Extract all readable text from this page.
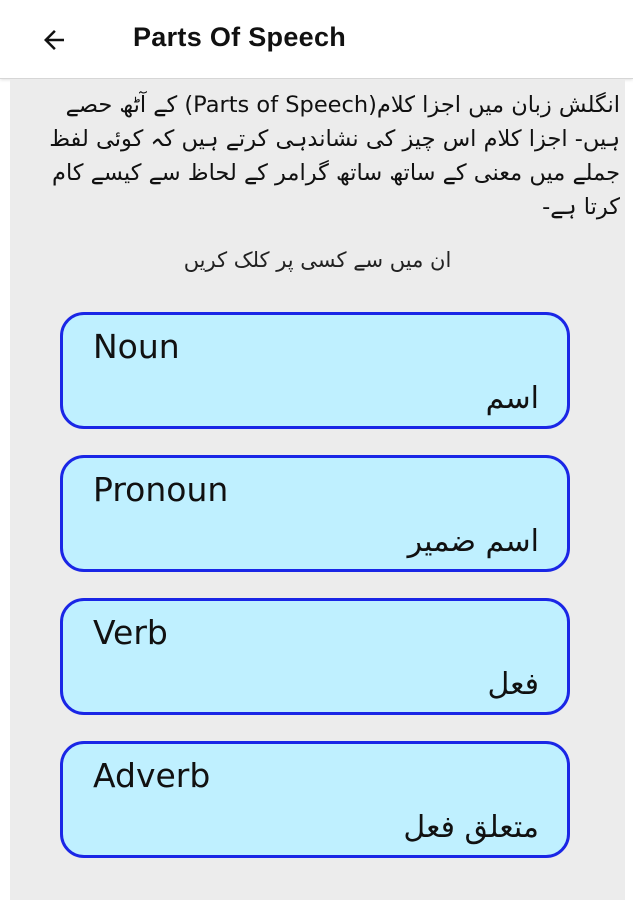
Parts Of Speech
انگلش زبان میں اجزا کلام(Parts of Speech) کے آٹھ حصے ہیں- اجزا کلام اس چیز کی نشاندہی کرتے ہیں کہ کوئی لفظ جملے میں معنی کے ساتھ ساتھ گرامر کے لحاظ سے کیسے کام کرتا ہے-
ان میں سے کسی پر کلک کریں
Noun
اسم
Pronoun
اسم ضمیر
Verb
فعل
Adverb
متعلق فعل
